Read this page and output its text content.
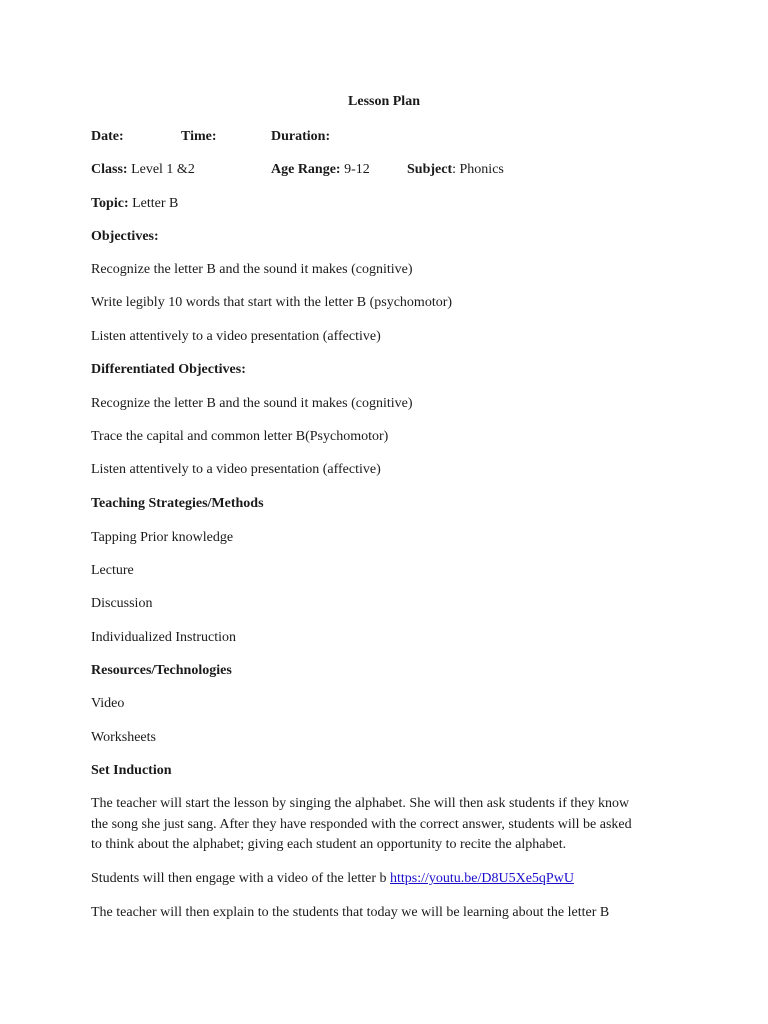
Lesson Plan
Date:	Time:	Duration:
Class: Level 1 &2	Age Range: 9-12	Subject: Phonics
Topic: Letter B
Objectives:
Recognize the letter B and the sound it makes (cognitive)
Write legibly 10 words that start with the letter B (psychomotor)
Listen attentively to a video presentation (affective)
Differentiated Objectives:
Recognize the letter B and the sound it makes (cognitive)
Trace the capital and common letter B(Psychomotor)
Listen attentively to a video presentation (affective)
Teaching Strategies/Methods
Tapping Prior knowledge
Lecture
Discussion
Individualized Instruction
Resources/Technologies
Video
Worksheets
Set Induction
The teacher will start the lesson by singing the alphabet. She will then ask students if they know
the song she just sang. After they have responded with the correct answer, students will be asked
to think about the alphabet; giving each student an opportunity to recite the alphabet.
Students will then engage with a video of the letter b https://youtu.be/D8U5Xe5qPwU
The teacher will then explain to the students that today we will be learning about the letter B
